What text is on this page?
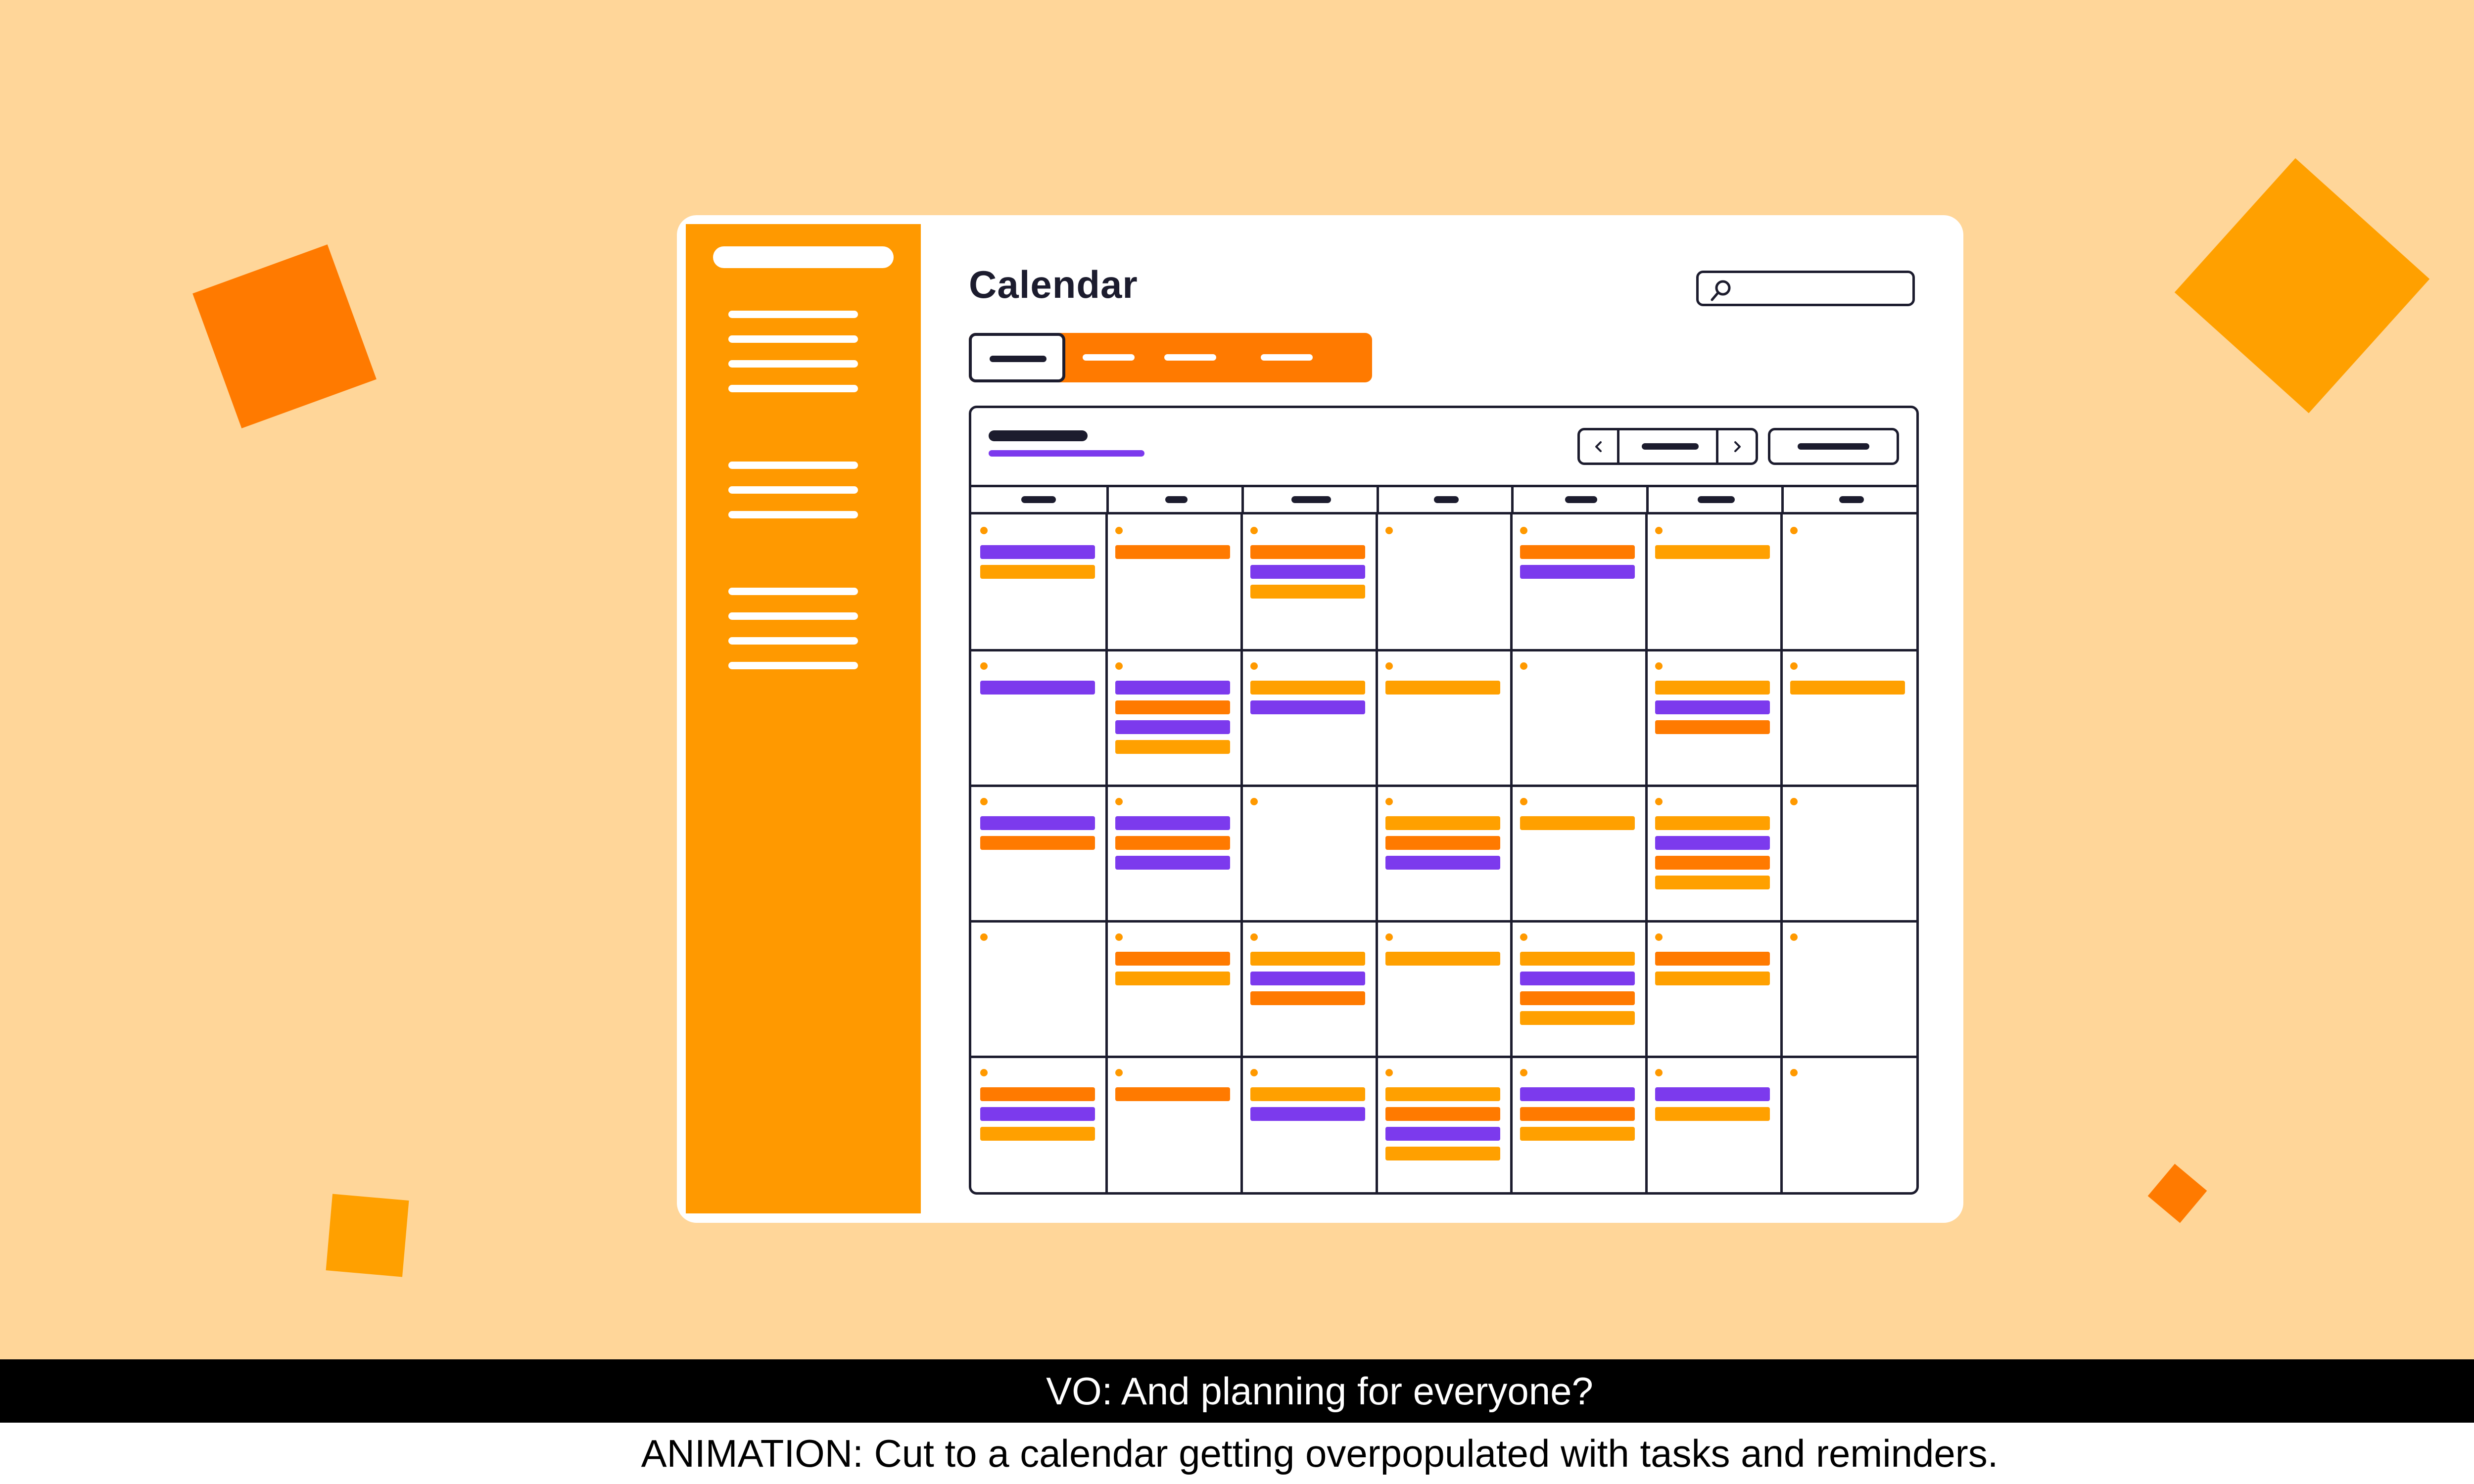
Calendar
VO: And planning for everyone?
ANIMATION: Cut to a calendar getting overpopulated with tasks and reminders.
